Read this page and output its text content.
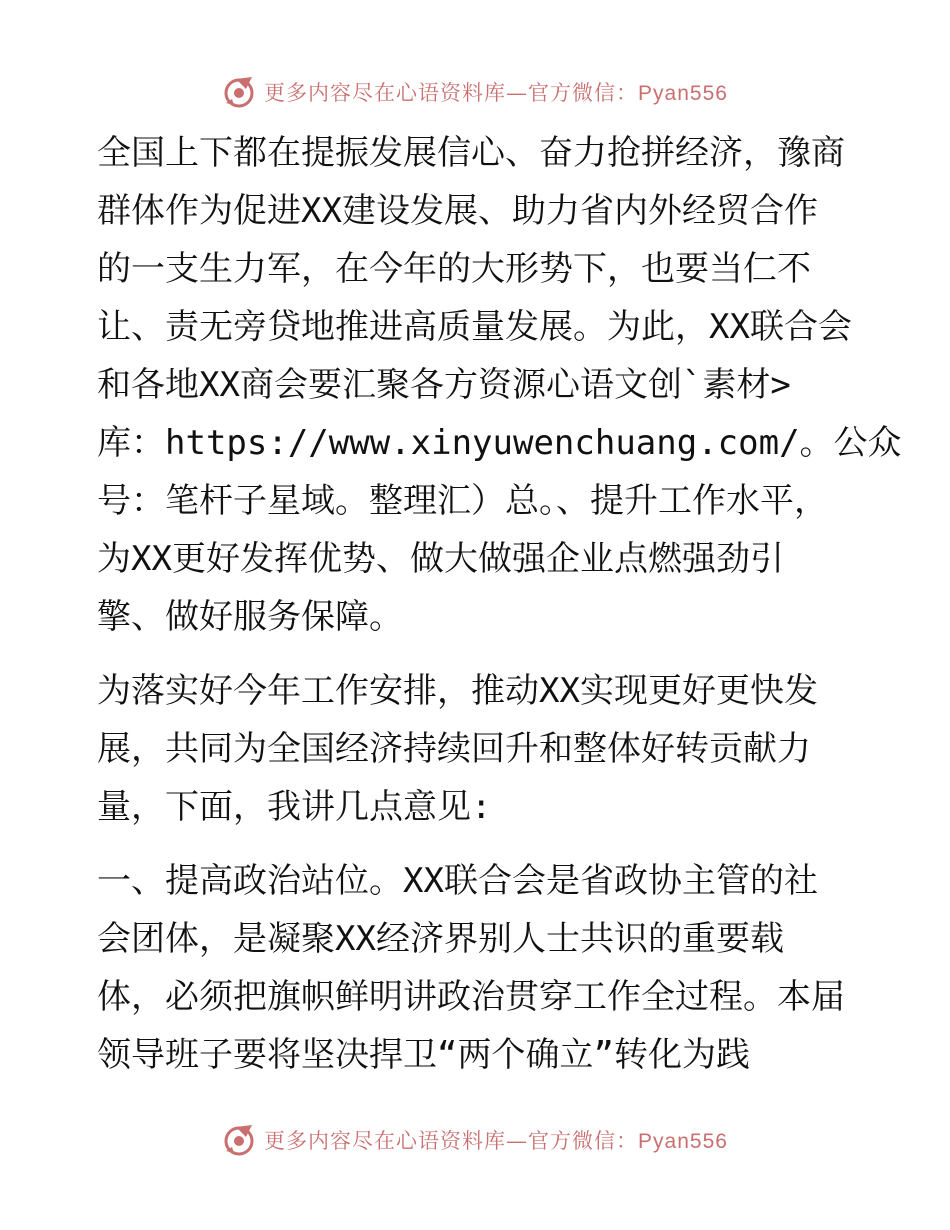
更多内容尽在心语资料库—官方微信：Pyan556
全国上下都在提振发展信心、奋力抢拼经济，豫商
群体作为促进XX建设发展、助力省内外经贸合作
的一支生力军，在今年的大形势下，也要当仁不
让、责无旁贷地推进高质量发展。为此，XX联合会
和各地XX商会要汇聚各方资源心语文创`素材>
库：https://www.xinyuwenchuang.com/。公众
号：笔杆子星域。整理汇）总。、提升工作水平，
为XX更好发挥优势、做大做强企业点燃强劲引
擎、做好服务保障。
为落实好今年工作安排，推动XX实现更好更快发
展，共同为全国经济持续回升和整体好转贡献力
量，下面，我讲几点意见:
一、提高政治站位。XX联合会是省政协主管的社
会团体，是凝聚XX经济界别人士共识的重要载
体，必须把旗帜鲜明讲政治贯穿工作全过程。本届
领导班子要将坚决捍卫“两个确立”转化为践
更多内容尽在心语资料库—官方微信：Pyan556
